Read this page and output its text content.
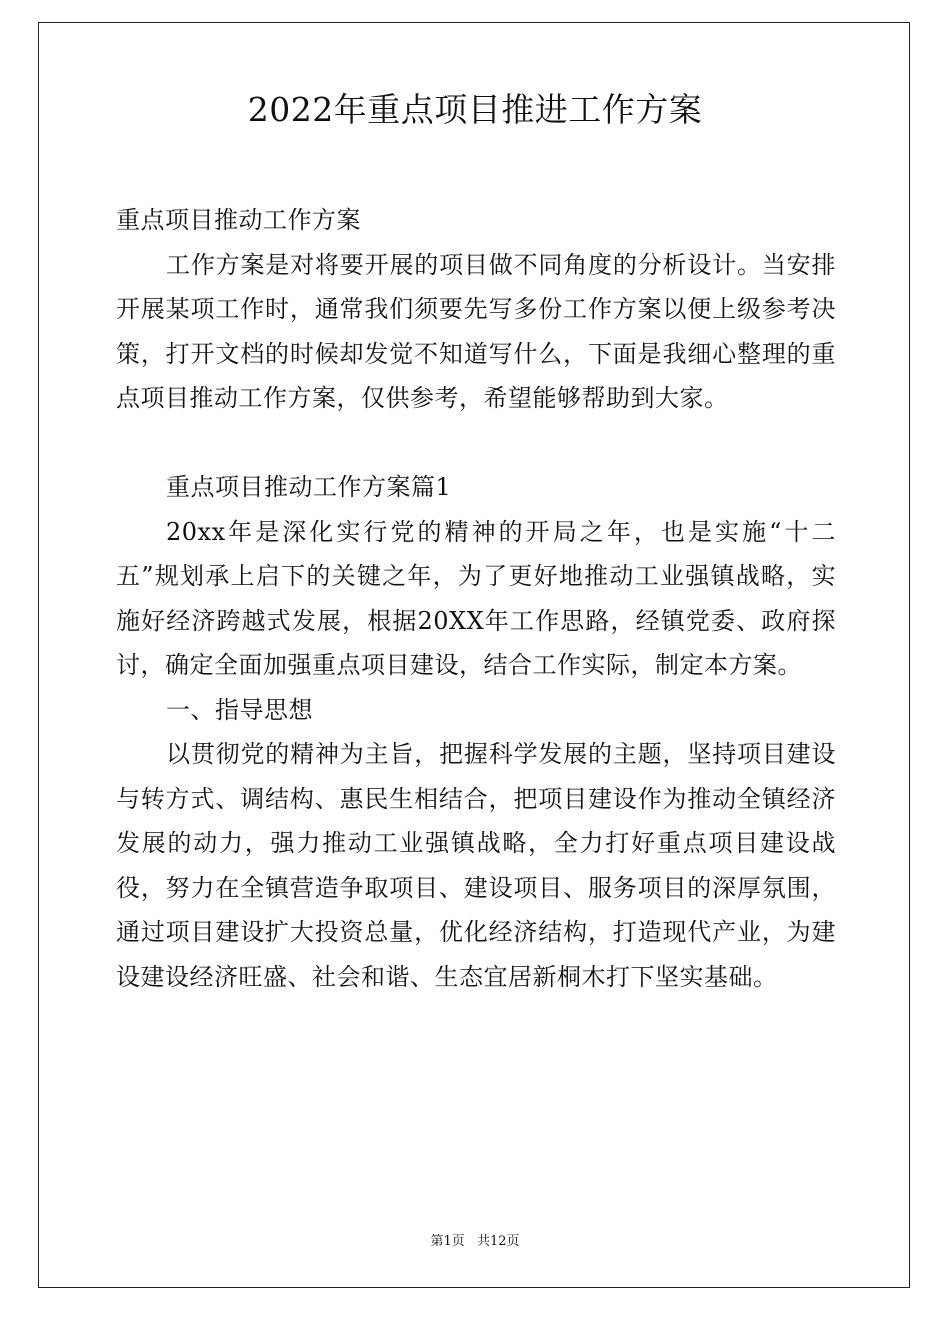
2022年重点项目推进工作方案

重点项目推动工作方案

工作方案是对将要开展的项目做不同角度的分析设计。当安排开展某项工作时，通常我们须要先写多份工作方案以便上级参考决策，打开文档的时候却发觉不知道写什么，下面是我细心整理的重点项目推动工作方案，仅供参考，希望能够帮助到大家。

重点项目推动工作方案篇1

20xx年是深化实行党的精神的开局之年，也是实施“十二五”规划承上启下的关键之年，为了更好地推动工业强镇战略，实施好经济跨越式发展，根据20XX年工作思路，经镇党委、政府探讨，确定全面加强重点项目建设，结合工作实际，制定本方案。

一、指导思想

以贯彻党的精神为主旨，把握科学发展的主题，坚持项目建设与转方式、调结构、惠民生相结合，把项目建设作为推动全镇经济发展的动力，强力推动工业强镇战略，全力打好重点项目建设战役，努力在全镇营造争取项目、建设项目、服务项目的深厚氛围，通过项目建设扩大投资总量，优化经济结构，打造现代产业，为建设建设经济旺盛、社会和谐、生态宜居新桐木打下坚实基础。

第1页 共12页
